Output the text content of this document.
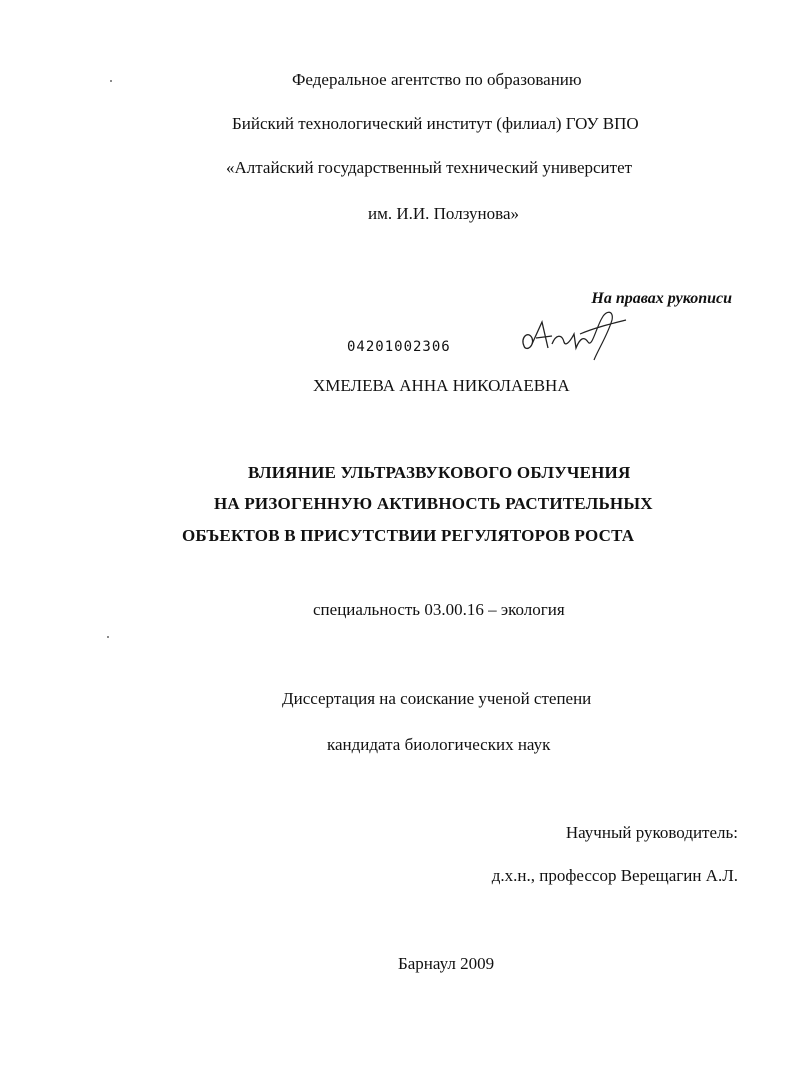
Федеральное агентство по образованию
Бийский технологический институт (филиал) ГОУ ВПО
«Алтайский государственный технический университет
им. И.И. Ползунова»
На правах рукописи
04201002306
ХМЕЛЕВА АННА НИКОЛАЕВНА
ВЛИЯНИЕ УЛЬТРАЗВУКОВОГО ОБЛУЧЕНИЯ
НА РИЗОГЕННУЮ АКТИВНОСТЬ РАСТИТЕЛЬНЫХ
ОБЪЕКТОВ В ПРИСУТСТВИИ РЕГУЛЯТОРОВ РОСТА
специальность 03.00.16 – экология
Диссертация на соискание ученой степени
кандидата биологических наук
Научный руководитель:
д.х.н., профессор Верещагин А.Л.
Барнаул 2009
